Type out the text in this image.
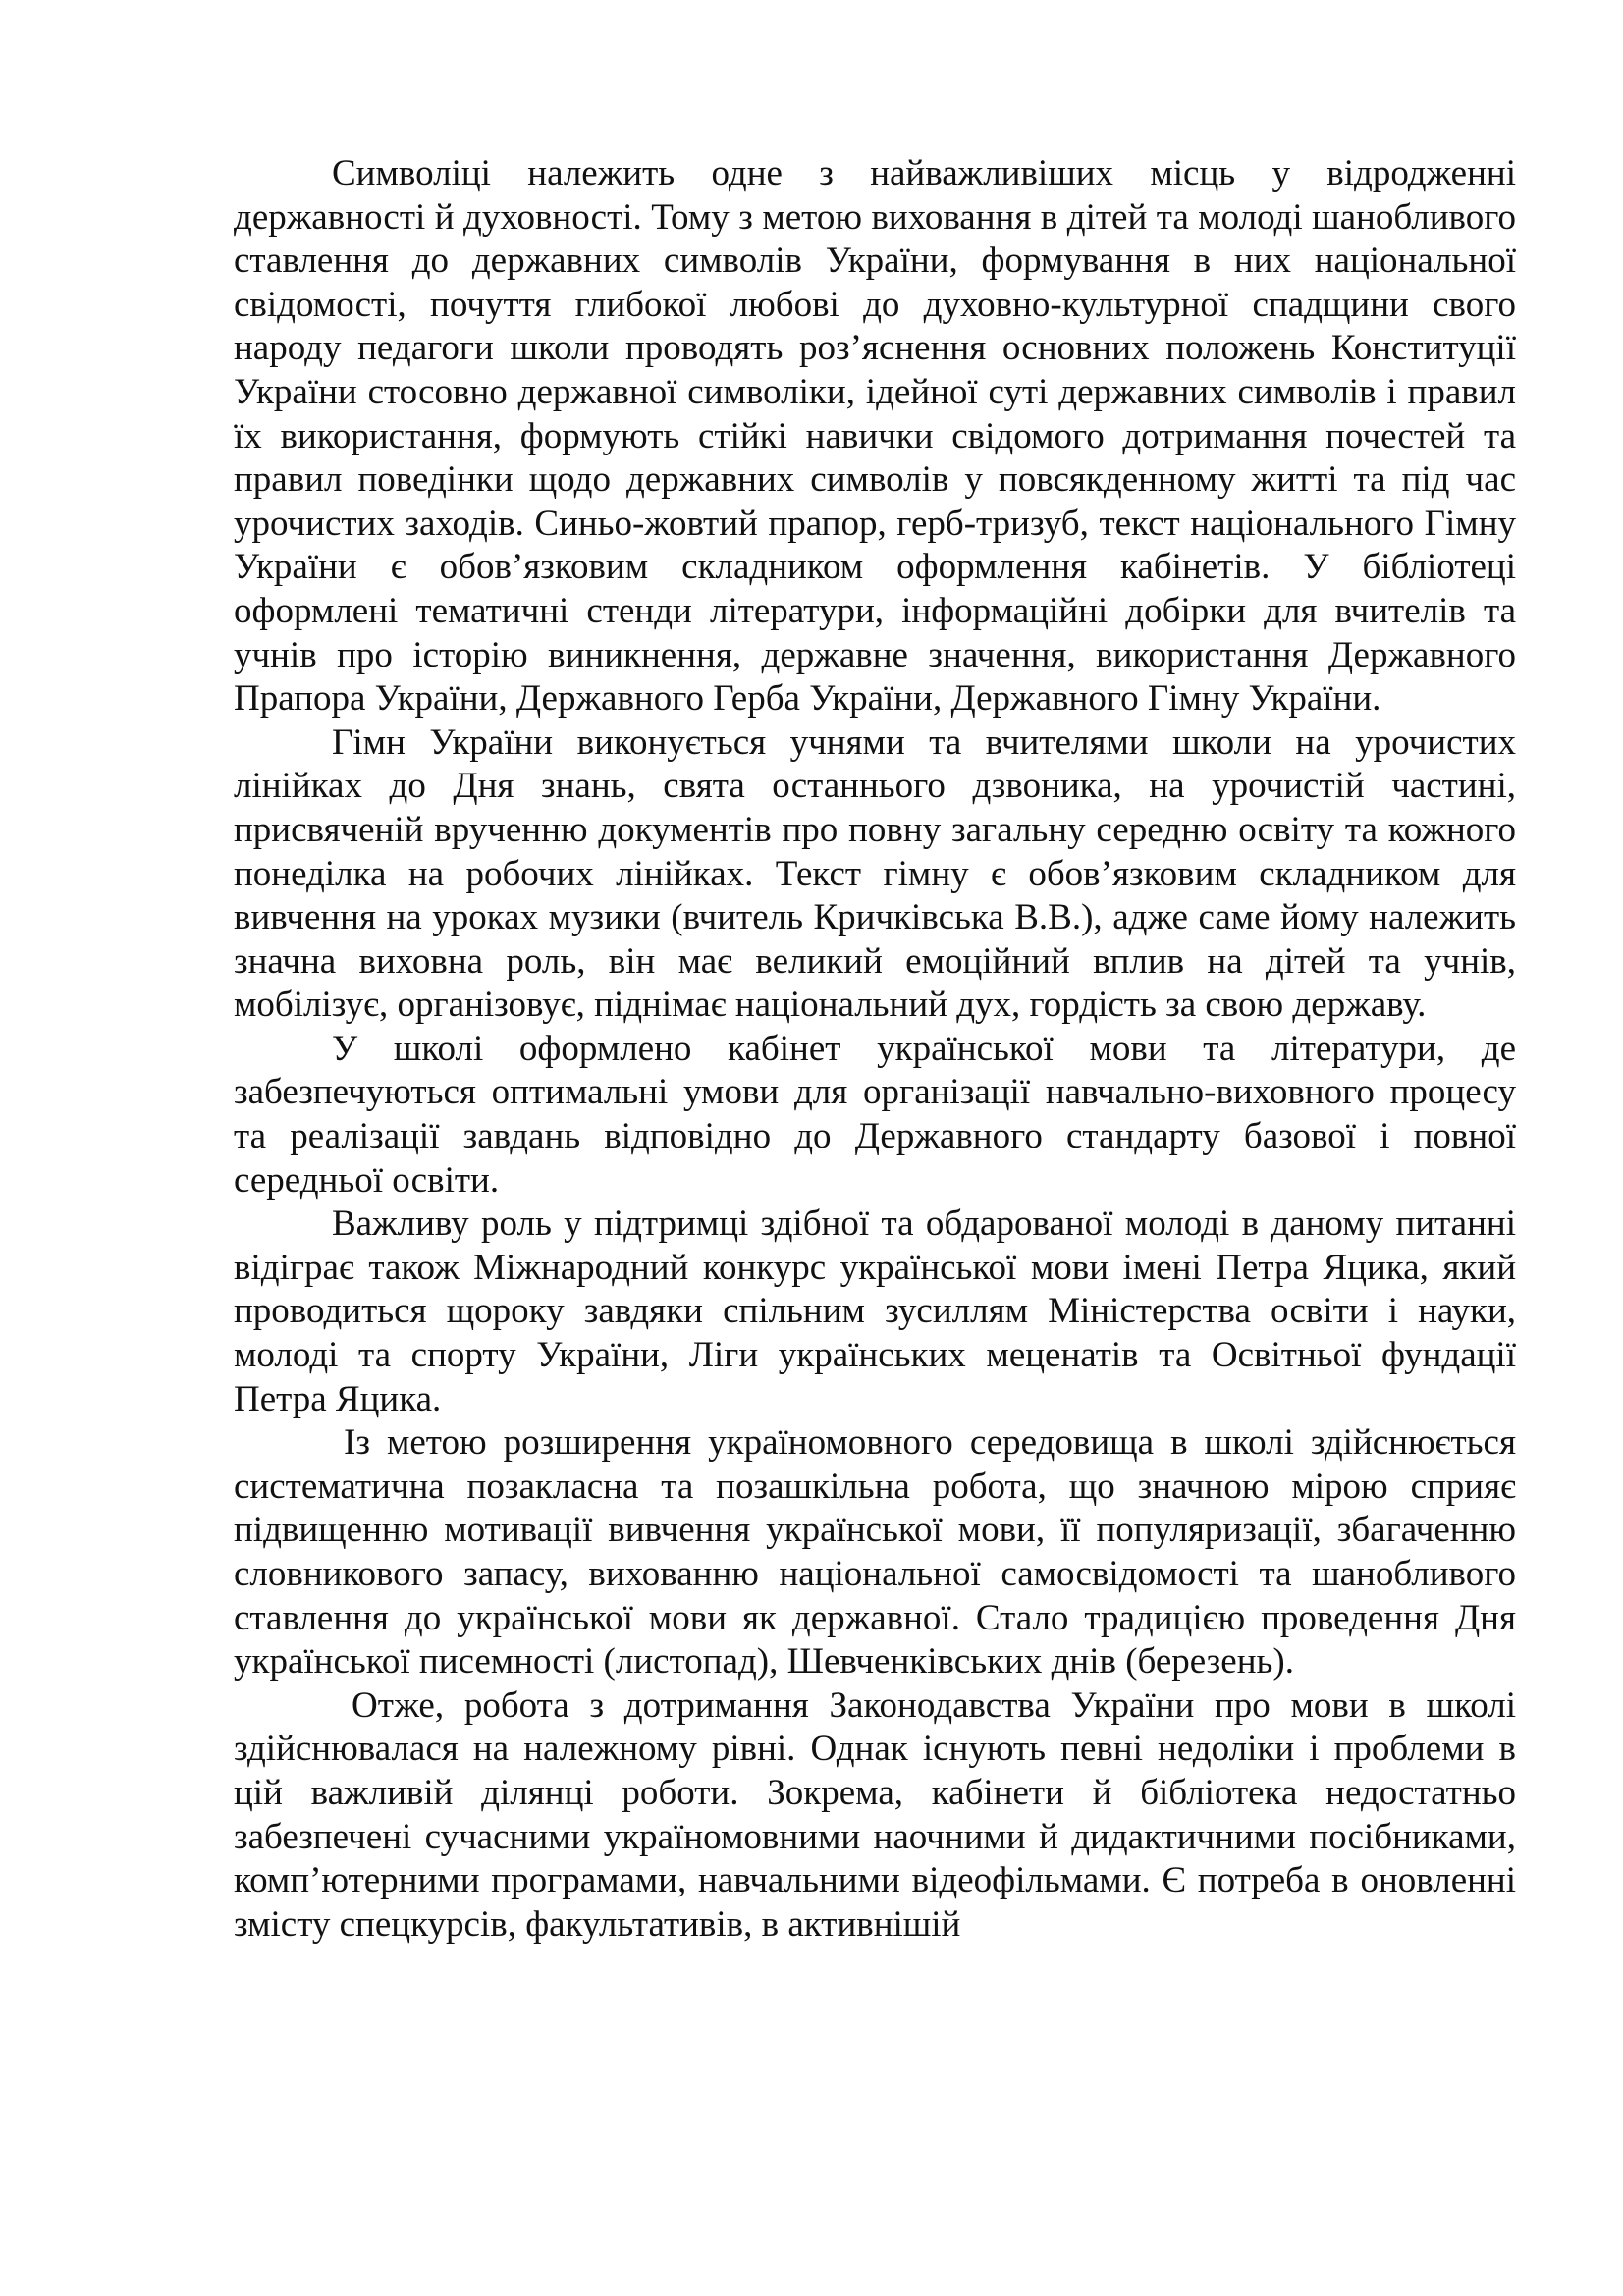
Символіці належить одне з найважливіших місць у відродженні державності й духовності. Тому з метою виховання в дітей та молоді шанобливого ставлення до державних символів України, формування в них національної свідомості, почуття глибокої любові до духовно-культурної спадщини свого народу педагоги школи проводять роз’яснення основних положень Конституції України стосовно державної символіки, ідейної суті державних символів і правил їх використання, формують стійкі навички свідомого дотримання почестей та правил поведінки щодо державних символів у повсякденному житті та під час урочистих заходів. Синьо-жовтий прапор, герб-тризуб, текст національного Гімну України є обов’язковим складником оформлення кабінетів. У бібліотеці оформлені тематичні стенди літератури, інформаційні добірки для вчителів та учнів про історію виникнення, державне значення, використання Державного Прапора України, Державного Герба України, Державного Гімну України.

Гімн України виконується учнями та вчителями школи на урочистих лінійках до Дня знань, свята останнього дзвоника, на урочистій частині, присвяченій врученню документів про повну загальну середню освіту та кожного понеділка на робочих лінійках. Текст гімну є обов’язковим складником для вивчення на уроках музики (вчитель Кричківська В.В.), адже саме йому належить значна виховна роль, він має великий емоційний вплив на дітей та учнів, мобілізує, організовує, піднімає національний дух, гордість за свою державу.

У школі оформлено кабінет української мови та літератури, де забезпечуються оптимальні умови для організації навчально-виховного процесу та реалізації завдань відповідно до Державного стандарту базової і повної середньої освіти.

Важливу роль у підтримці здібної та обдарованої молоді в даному питанні відіграє також Міжнародний конкурс української мови імені Петра Яцика, який проводиться щороку завдяки спільним зусиллям Міністерства освіти і науки, молоді та спорту України, Ліги українських меценатів та Освітньої фундації Петра Яцика.

Із метою розширення україномовного середовища в школі здійснюється систематична позакласна та позашкільна робота, що значною мірою сприяє підвищенню мотивації вивчення української мови, її популяризації, збагаченню словникового запасу, вихованню національної самосвідомості та шанобливого ставлення до української мови як державної. Стало традицією проведення Дня української писемності (листопад), Шевченківських днів (березень).

Отже, робота з дотримання Законодавства України про мови в школі здійснювалася на належному рівні. Однак існують певні недоліки і проблеми в цій важливій ділянці роботи. Зокрема, кабінети й бібліотека недостатньо забезпечені сучасними україномовними наочними й дидактичними посібниками, комп’ютерними програмами, навчальними відеофільмами. Є потреба в оновленні змісту спецкурсів, факультативів, в активнішій
